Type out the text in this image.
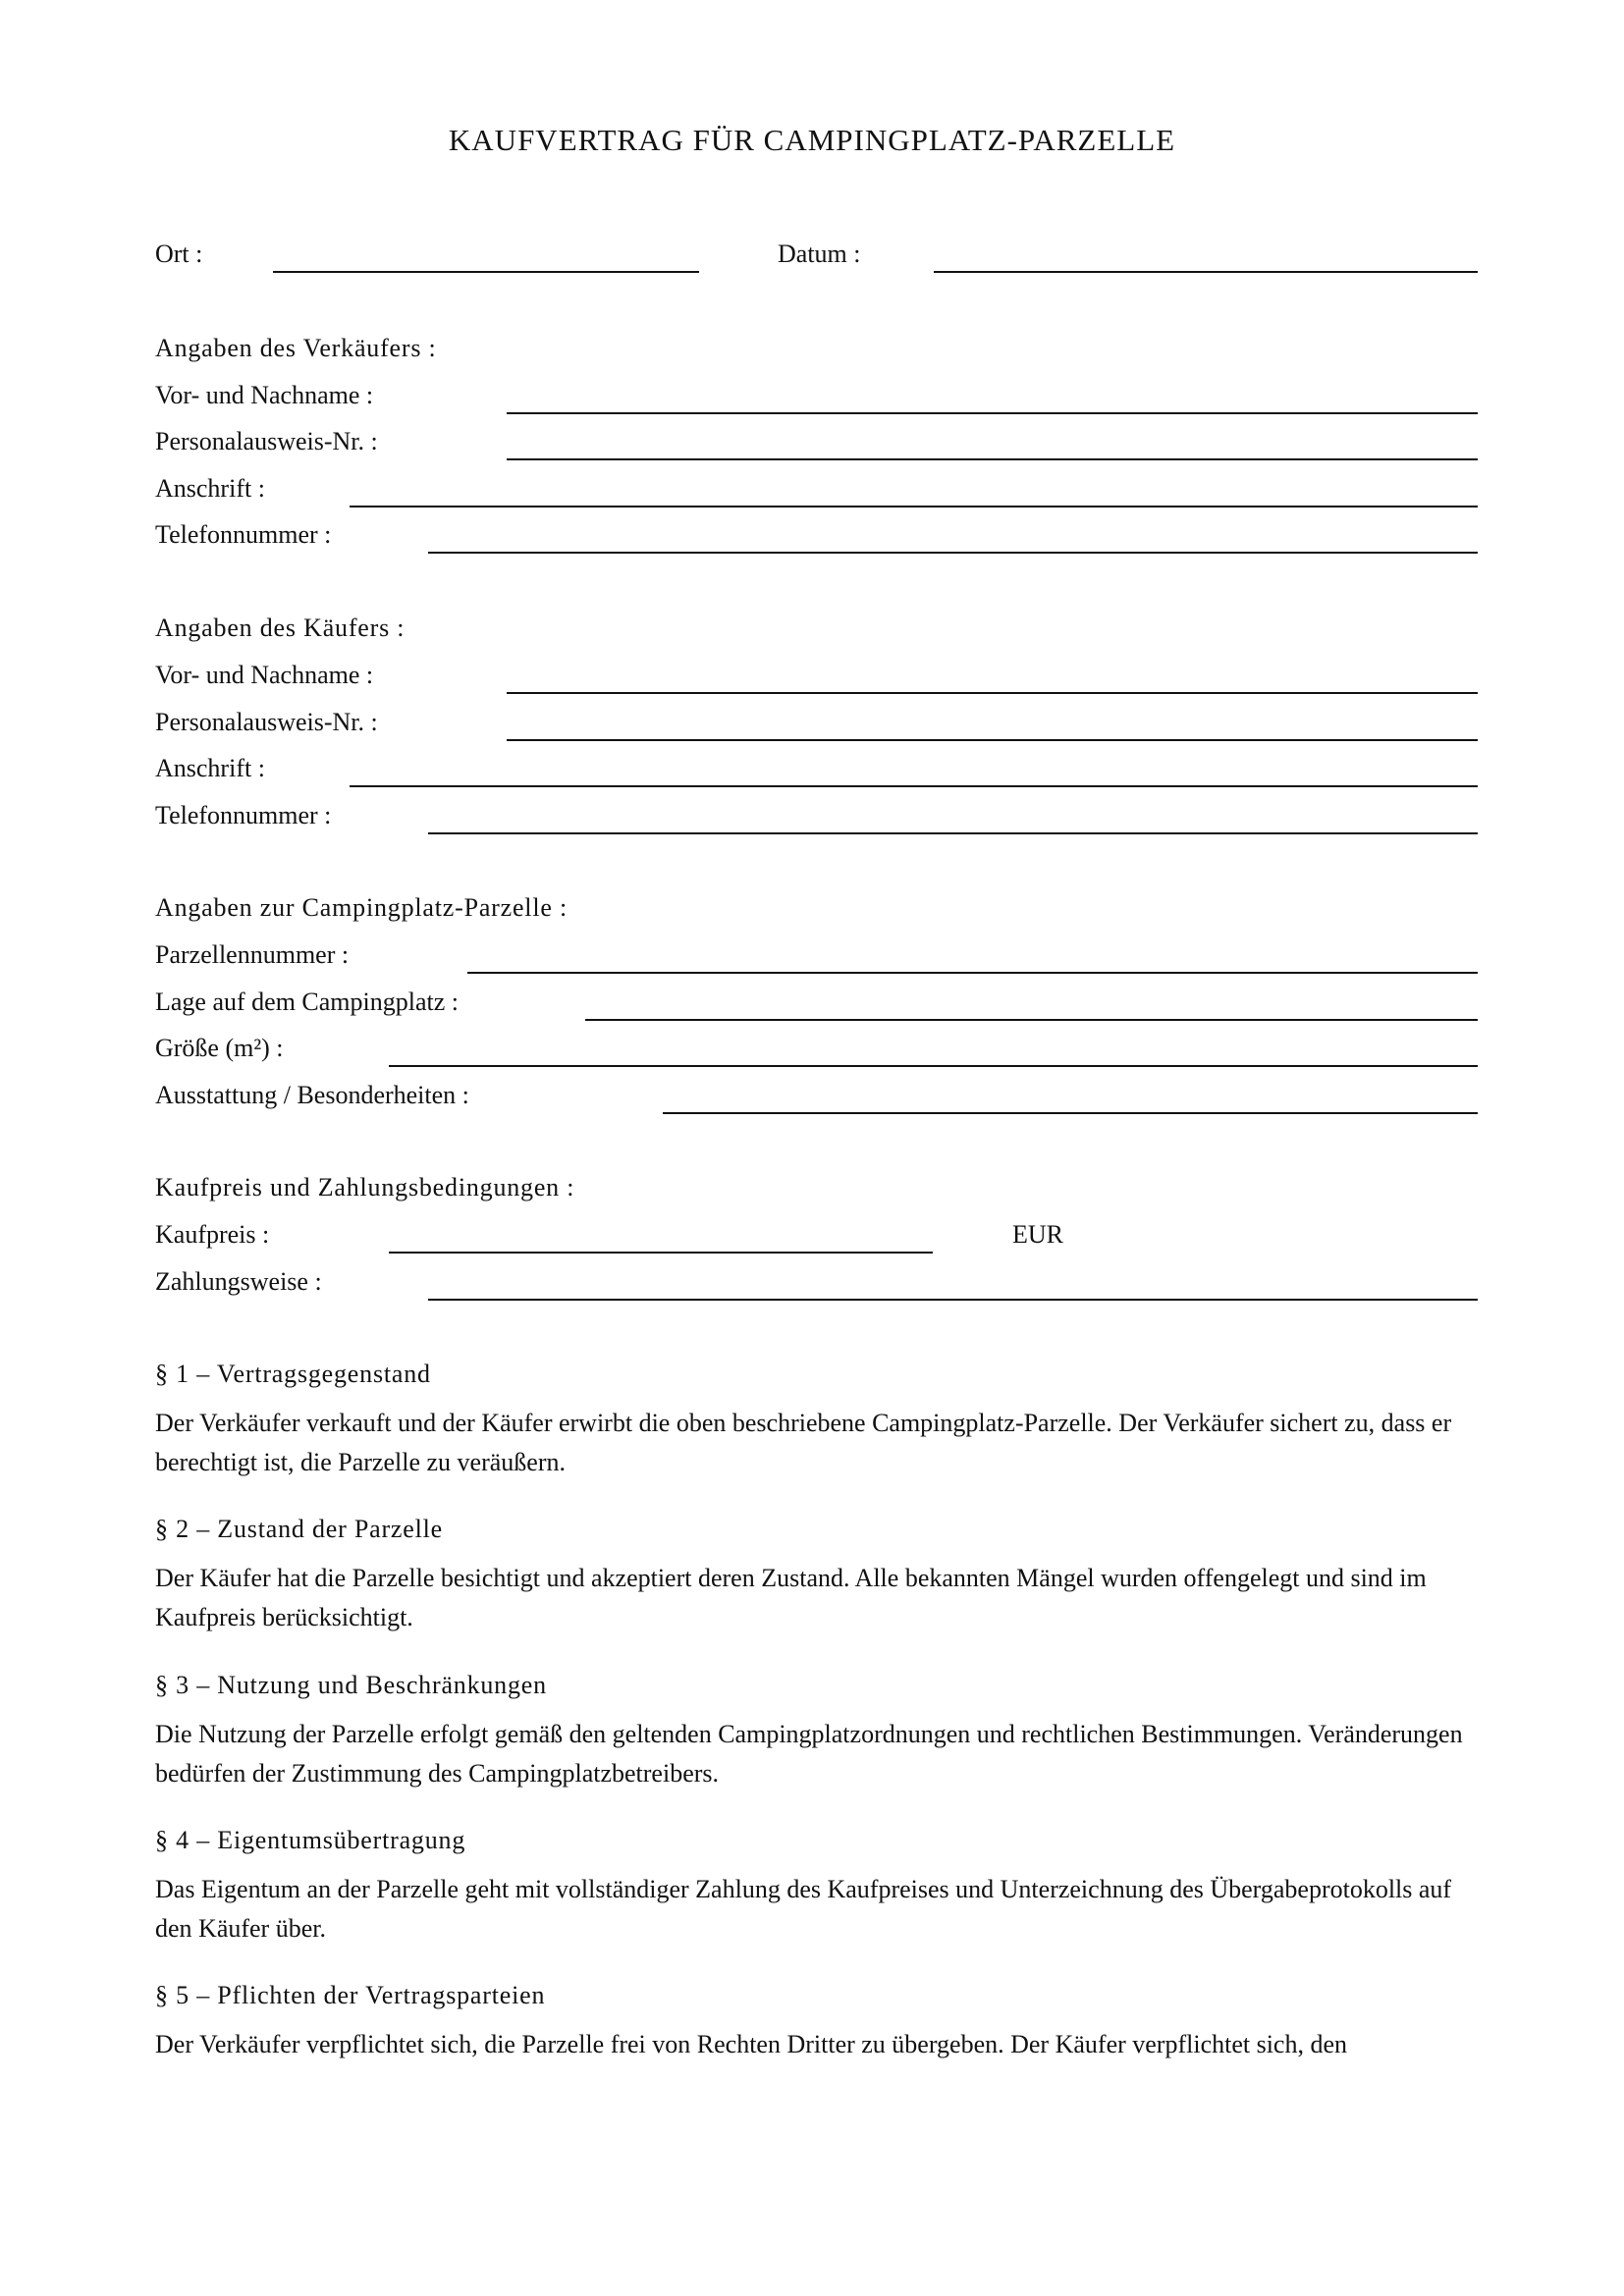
KAUFVERTRAG FÜR CAMPINGPLATZ-PARZELLE
Ort :	Datum :
Angaben des Verkäufers :
Vor- und Nachname :
Personalausweis-Nr. :
Anschrift :
Telefonnummer :
Angaben des Käufers :
Vor- und Nachname :
Personalausweis-Nr. :
Anschrift :
Telefonnummer :
Angaben zur Campingplatz-Parzelle :
Parzellennummer :
Lage auf dem Campingplatz :
Größe (m²) :
Ausstattung / Besonderheiten :
Kaufpreis und Zahlungsbedingungen :
Kaufpreis :	EUR
Zahlungsweise :
§ 1 – Vertragsgegenstand
Der Verkäufer verkauft und der Käufer erwirbt die oben beschriebene Campingplatz-Parzelle. Der Verkäufer sichert zu, dass er berechtigt ist, die Parzelle zu veräußern.
§ 2 – Zustand der Parzelle
Der Käufer hat die Parzelle besichtigt und akzeptiert deren Zustand. Alle bekannten Mängel wurden offengelegt und sind im Kaufpreis berücksichtigt.
§ 3 – Nutzung und Beschränkungen
Die Nutzung der Parzelle erfolgt gemäß den geltenden Campingplatzordnungen und rechtlichen Bestimmungen. Veränderungen bedürfen der Zustimmung des Campingplatzbetreibers.
§ 4 – Eigentumsübertragung
Das Eigentum an der Parzelle geht mit vollständiger Zahlung des Kaufpreises und Unterzeichnung des Übergabeprotokolls auf den Käufer über.
§ 5 – Pflichten der Vertragsparteien
Der Verkäufer verpflichtet sich, die Parzelle frei von Rechten Dritter zu übergeben. Der Käufer verpflichtet sich, den
